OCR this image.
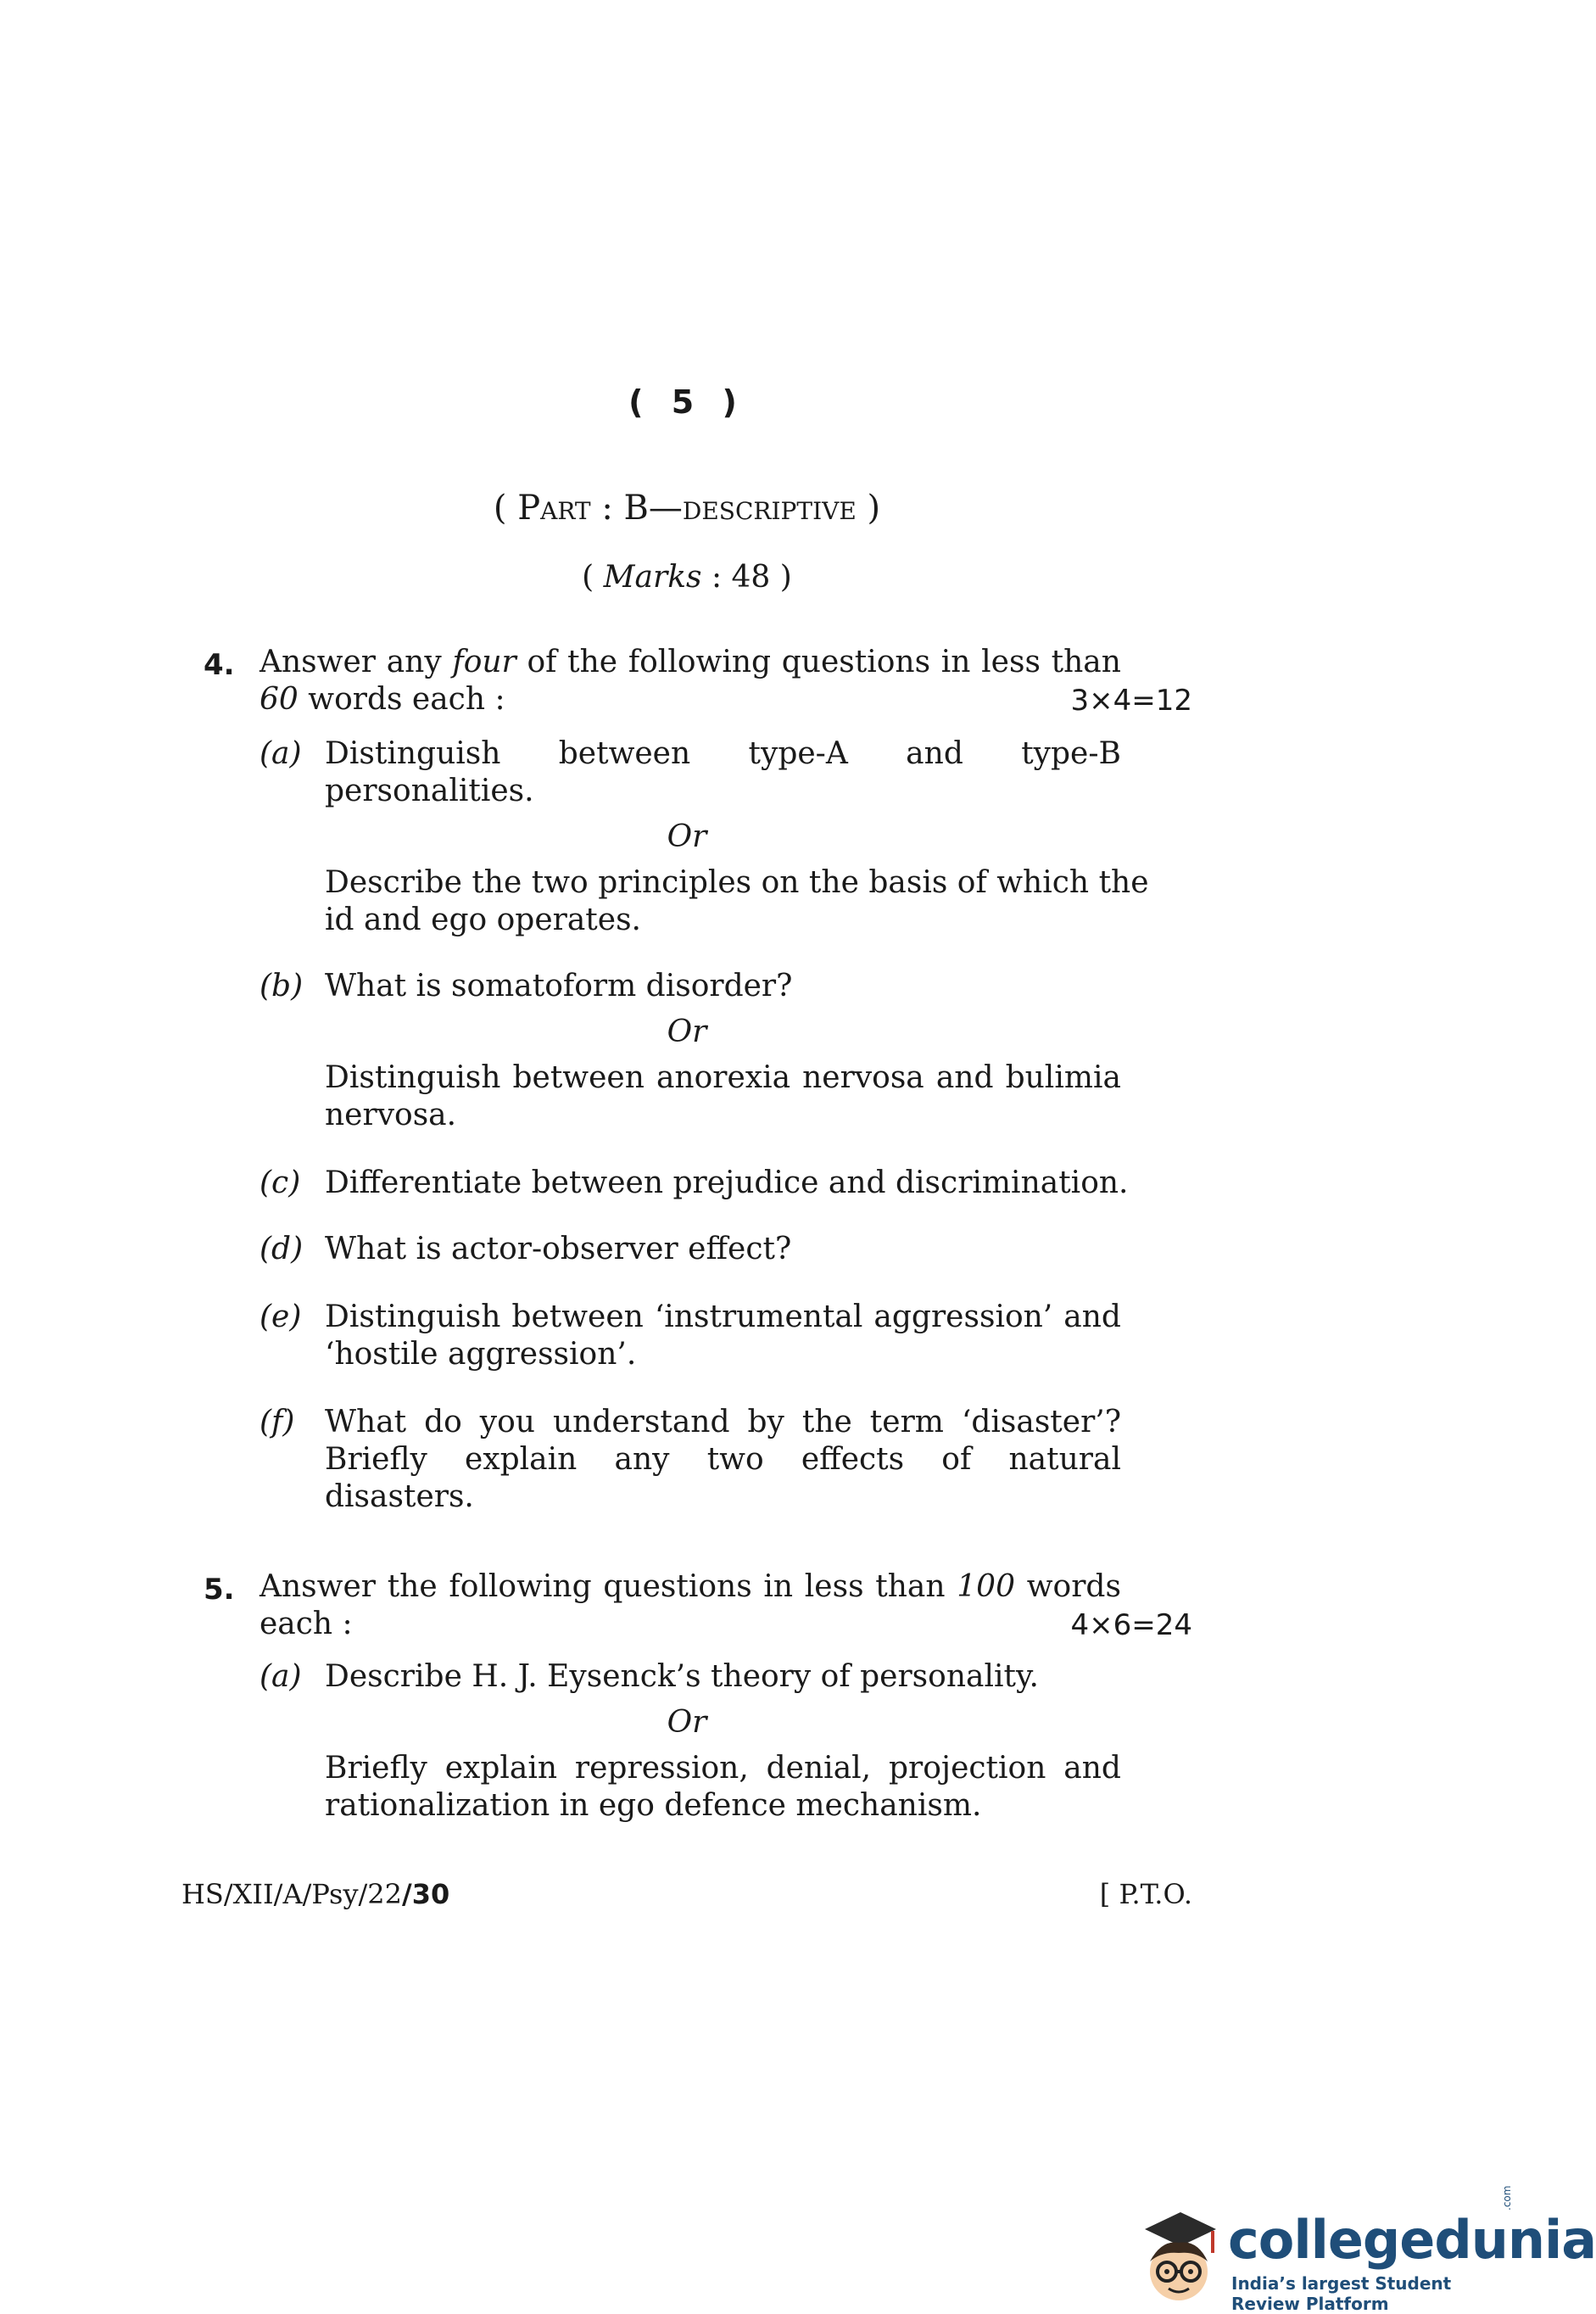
( 5 )
( Part : B—descriptive )
( Marks : 48 )
4. Answer any four of the following questions in less than
60 words each :	3×4=12
(a) Distinguish between type-A and type-B
personalities.
Or
Describe the two principles on the basis of which the
id and ego operates.
(b) What is somatoform disorder?
Or
Distinguish between anorexia nervosa and bulimia
nervosa.
(c) Differentiate between prejudice and discrimination.
(d) What is actor-observer effect?
(e) Distinguish between ‘instrumental aggression’ and
‘hostile aggression’.
(f) What do you understand by the term ‘disaster’?
Briefly explain any two effects of natural
disasters.
5. Answer the following questions in less than 100 words
each :	4×6=24
(a) Describe H. J. Eysenck’s theory of personality.
Or
Briefly explain repression, denial, projection and
rationalization in ego defence mechanism.
HS/XII/A/Psy/22/30	[ P.T.O.
collegedunia
.com
India’s largest Student Review Platform
